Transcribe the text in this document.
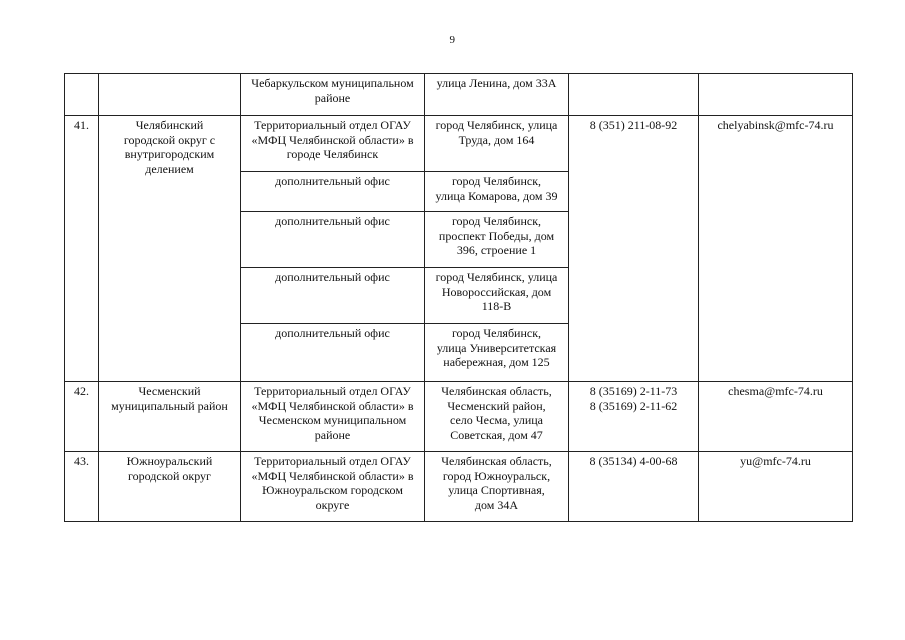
9

		Чебаркульском муниципальном
районе	улица Ленина, дом 33А		
41.	Челябинский
городской округ с
внутригородским
делением	Территориальный отдел ОГАУ
«МФЦ Челябинской области» в
городе Челябинск	город Челябинск, улица
Труда, дом 164	8 (351) 211-08-92	chelyabinsk@mfc-74.ru
		дополнительный офис	город Челябинск,
улица Комарова, дом 39		

		дополнительный офис	город Челябинск,
проспект Победы, дом
396, строение 1		

		дополнительный офис	город Челябинск, улица
Новороссийская, дом
118-В		

		дополнительный офис	город Челябинск,
улица Университетская
набережная, дом 125		

42.	Чесменский
муниципальный район	Территориальный отдел ОГАУ
«МФЦ Челябинской области» в
Чесменском муниципальном
районе	Челябинская область,
Чесменский район,
село Чесма, улица
Советская, дом 47	8 (35169) 2-11-73
8 (35169) 2-11-62	chesma@mfc-74.ru
43.	Южноуральский
городской округ	Территориальный отдел ОГАУ
«МФЦ Челябинской области» в
Южноуральском городском
округе	Челябинская область,
город Южноуральск,
улица Спортивная,
дом 34А	8 (35134) 4-00-68	yu@mfc-74.ru
